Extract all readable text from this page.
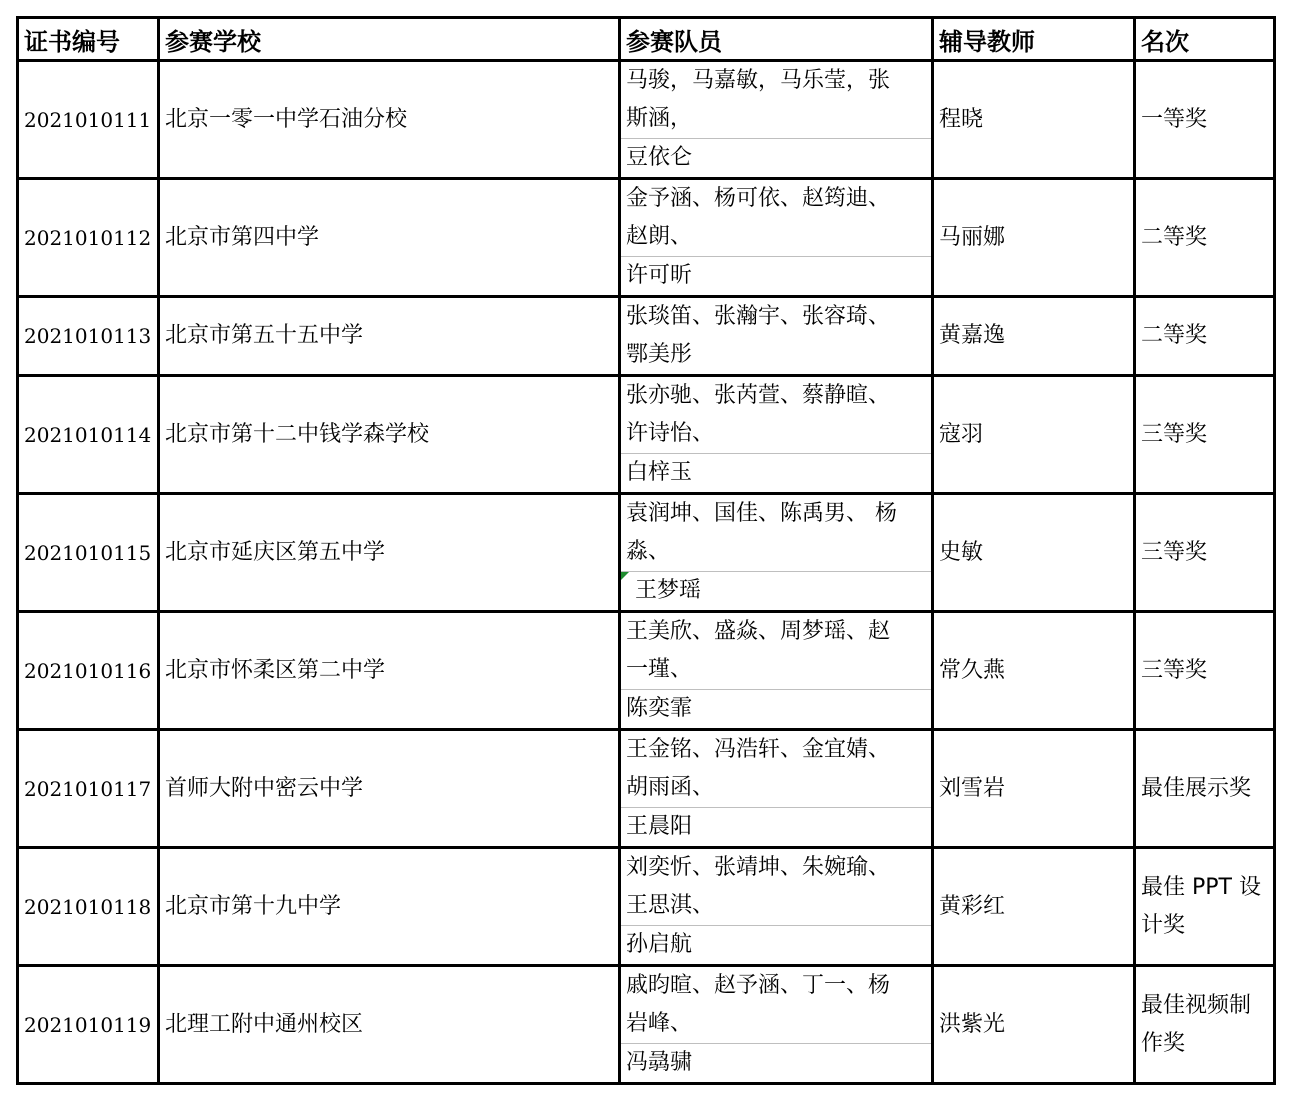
证书编号	参赛学校	参赛队员	辅导教师	名次
2021010111	北京一零一中学石油分校	马骏，马嘉敏，马乐莹，张
斯涵，
豆依仑	程晓	一等奖
2021010112	北京市第四中学	金予涵、杨可依、赵筠迪、
赵朗、
许可昕	马丽娜	二等奖
2021010113	北京市第五十五中学	张琰笛、张瀚宇、张容琦、
鄂美彤	黄嘉逸	二等奖
2021010114	北京市第十二中钱学森学校	张亦驰、张芮萱、蔡静暄、
许诗怡、
白梓玉	寇羽	三等奖
2021010115	北京市延庆区第五中学	袁润坤、国佳、陈禹男、 杨
淼、
王梦瑶	史敏	三等奖
2021010116	北京市怀柔区第二中学	王美欣、盛焱、周梦瑶、赵
一瑾、
陈奕霏	常久燕	三等奖
2021010117	首师大附中密云中学	王金铭、冯浩轩、金宜婧、
胡雨函、
王晨阳	刘雪岩	最佳展示奖
2021010118	北京市第十九中学	刘奕忻、张靖坤、朱婉瑜、
王思淇、
孙启航	黄彩红	最佳 PPT 设计奖
2021010119	北理工附中通州校区	戚昀暄、赵予涵、丁一、杨
岩峰、
冯骉骕	洪紫光	最佳视频制作奖
